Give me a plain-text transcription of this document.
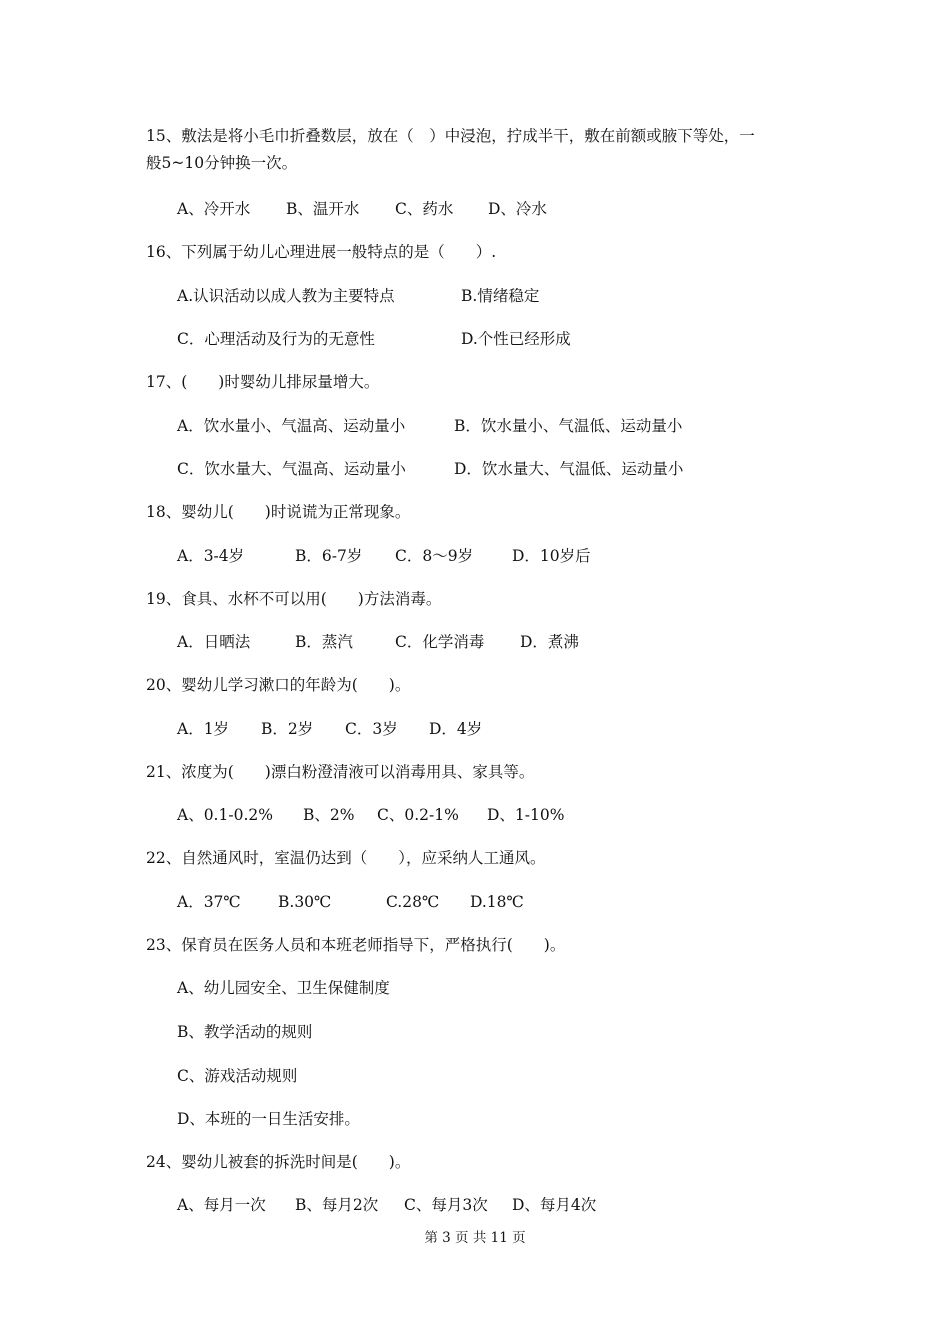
15、敷法是将小毛巾折叠数层，放在（　）中浸泡，拧成半干，敷在前额或腋下等处，一
般5~10分钟换一次。
A、冷开水 B、温开水 C、药水 D、冷水
16、下列属于幼儿心理进展一般特点的是（　　）.
A.认识活动以成人教为主要特点	B.情绪稳定
C．心理活动及行为的无意性	D.个性已经形成
17、(　　)时婴幼儿排尿量增大。
A．饮水量小、气温高、运动量小	B．饮水量小、气温低、运动量小
C．饮水量大、气温高、运动量小	D．饮水量大、气温低、运动量小
18、婴幼儿(　　)时说谎为正常现象。
A．3-4岁	B．6-7岁 C．8～9岁	D．10岁后
19、食具、水杯不可以用(　　)方法消毒。
A．日晒法	B．蒸汽	C．化学消毒 D．煮沸
20、婴幼儿学习漱口的年龄为(　　)。
A．1岁 B．2岁 C．3岁 D．4岁
21、浓度为(　　)漂白粉澄清液可以消毒用具、家具等。
A、0.1-0.2% B、2% C、0.2-1% D、1-10%
22、自然通风时，室温仍达到（　　），应采纳人工通风。
A．37℃ B.30℃	C.28℃ D.18℃
23、保育员在医务人员和本班老师指导下，严格执行(　　)。
A、幼儿园安全、卫生保健制度
B、教学活动的规则
C、游戏活动规则
D、本班的一日生活安排。
24、婴幼儿被套的拆洗时间是(　　)。
A、每月一次 B、每月2次 C、每月3次 D、每月4次
第 3 页 共 11 页
